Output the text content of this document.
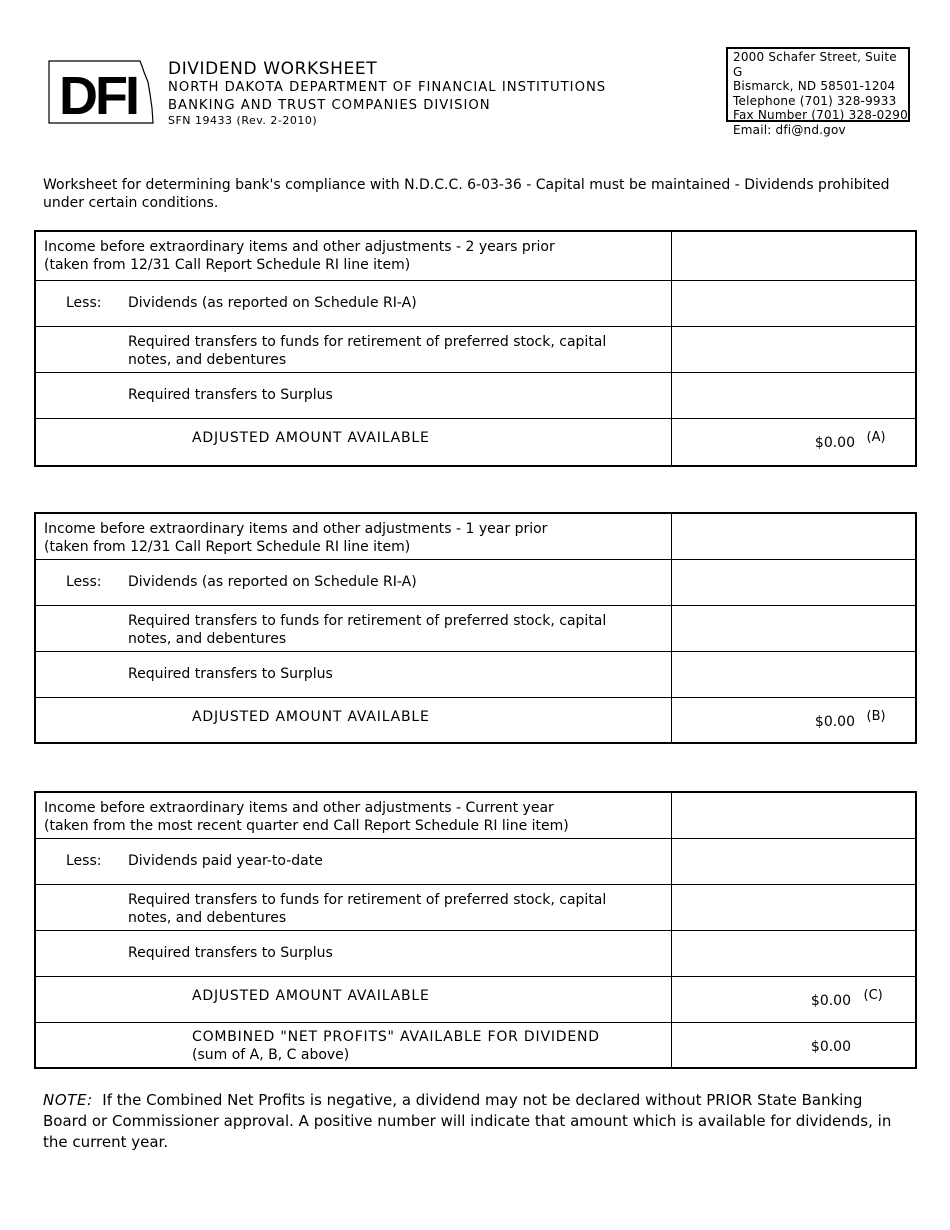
DFI DIVIDEND WORKSHEET
NORTH DAKOTA DEPARTMENT OF FINANCIAL INSTITUTIONS
BANKING AND TRUST COMPANIES DIVISION
SFN 19433 (Rev. 2-2010)
2000 Schafer Street, Suite G
Bismarck, ND 58501-1204
Telephone (701) 328-9933
Fax Number (701) 328-0290
Email: dfi@nd.gov
Worksheet for determining bank's compliance with N.D.C.C. 6-03-36 - Capital must be maintained - Dividends prohibited under certain conditions.
Income before extraordinary items and other adjustments - 2 years prior
(taken from 12/31 Call Report Schedule RI line item)	

Less: Dividends (as reported on Schedule RI-A)	

Required transfers to funds for retirement of preferred stock, capital
notes, and debentures	

Required transfers to Surplus	

ADJUSTED AMOUNT AVAILABLE	$0.00 (A)
Income before extraordinary items and other adjustments - 1 year prior
(taken from 12/31 Call Report Schedule RI line item)	

Less: Dividends (as reported on Schedule RI-A)	

Required transfers to funds for retirement of preferred stock, capital
notes, and debentures	

Required transfers to Surplus	

ADJUSTED AMOUNT AVAILABLE	$0.00 (B)
Income before extraordinary items and other adjustments - Current year
(taken from the most recent quarter end Call Report Schedule RI line item)	

Less: Dividends paid year-to-date	

Required transfers to funds for retirement of preferred stock, capital
notes, and debentures	

Required transfers to Surplus	

ADJUSTED AMOUNT AVAILABLE	$0.00 (C)

COMBINED "NET PROFITS" AVAILABLE FOR DIVIDEND
(sum of A, B, C above)	$0.00
NOTE: If the Combined Net Profits is negative, a dividend may not be declared without PRIOR State Banking Board or Commissioner approval. A positive number will indicate that amount which is available for dividends, in the current year.
